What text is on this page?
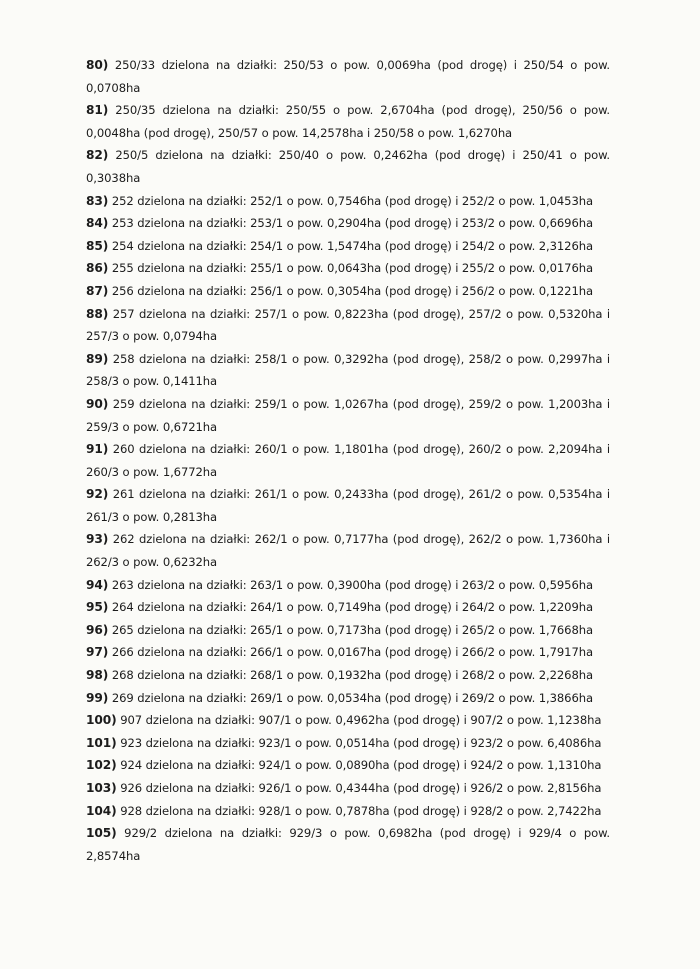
80) 250/33 dzielona na działki: 250/53 o pow. 0,0069ha (pod drogę) i 250/54 o pow. 0,0708ha

81) 250/35 dzielona na działki: 250/55 o pow. 2,6704ha (pod drogę), 250/56 o pow. 0,0048ha (pod drogę), 250/57 o pow. 14,2578ha i 250/58 o pow. 1,6270ha

82) 250/5 dzielona na działki: 250/40 o pow. 0,2462ha (pod drogę) i 250/41 o pow. 0,3038ha

83) 252 dzielona na działki: 252/1 o pow. 0,7546ha (pod drogę) i 252/2 o pow. 1,0453ha

84) 253 dzielona na działki: 253/1 o pow. 0,2904ha (pod drogę) i 253/2 o pow. 0,6696ha

85) 254 dzielona na działki: 254/1 o pow. 1,5474ha (pod drogę) i 254/2 o pow. 2,3126ha

86) 255 dzielona na działki: 255/1 o pow. 0,0643ha (pod drogę) i 255/2 o pow. 0,0176ha

87) 256 dzielona na działki: 256/1 o pow. 0,3054ha (pod drogę) i 256/2 o pow. 0,1221ha

88) 257 dzielona na działki: 257/1 o pow. 0,8223ha (pod drogę), 257/2 o pow. 0,5320ha i 257/3 o pow. 0,0794ha

89) 258 dzielona na działki: 258/1 o pow. 0,3292ha (pod drogę), 258/2 o pow. 0,2997ha i 258/3 o pow. 0,1411ha

90) 259 dzielona na działki: 259/1 o pow. 1,0267ha (pod drogę), 259/2 o pow. 1,2003ha i 259/3 o pow. 0,6721ha

91) 260 dzielona na działki: 260/1 o pow. 1,1801ha (pod drogę), 260/2 o pow. 2,2094ha i 260/3 o pow. 1,6772ha

92) 261 dzielona na działki: 261/1 o pow. 0,2433ha (pod drogę), 261/2 o pow. 0,5354ha i 261/3 o pow. 0,2813ha

93) 262 dzielona na działki: 262/1 o pow. 0,7177ha (pod drogę), 262/2 o pow. 1,7360ha i 262/3 o pow. 0,6232ha

94) 263 dzielona na działki: 263/1 o pow. 0,3900ha (pod drogę) i 263/2 o pow. 0,5956ha

95) 264 dzielona na działki: 264/1 o pow. 0,7149ha (pod drogę) i 264/2 o pow. 1,2209ha

96) 265 dzielona na działki: 265/1 o pow. 0,7173ha (pod drogę) i 265/2 o pow. 1,7668ha

97) 266 dzielona na działki: 266/1 o pow. 0,0167ha (pod drogę) i 266/2 o pow. 1,7917ha

98) 268 dzielona na działki: 268/1 o pow. 0,1932ha (pod drogę) i 268/2 o pow. 2,2268ha

99) 269 dzielona na działki: 269/1 o pow. 0,0534ha (pod drogę) i 269/2 o pow. 1,3866ha

100) 907 dzielona na działki: 907/1 o pow. 0,4962ha (pod drogę) i 907/2 o pow. 1,1238ha

101) 923 dzielona na działki: 923/1 o pow. 0,0514ha (pod drogę) i 923/2 o pow. 6,4086ha

102) 924 dzielona na działki: 924/1 o pow. 0,0890ha (pod drogę) i 924/2 o pow. 1,1310ha

103) 926 dzielona na działki: 926/1 o pow. 0,4344ha (pod drogę) i 926/2 o pow. 2,8156ha

104) 928 dzielona na działki: 928/1 o pow. 0,7878ha (pod drogę) i 928/2 o pow. 2,7422ha

105) 929/2 dzielona na działki: 929/3 o pow. 0,6982ha (pod drogę) i 929/4 o pow. 2,8574ha
